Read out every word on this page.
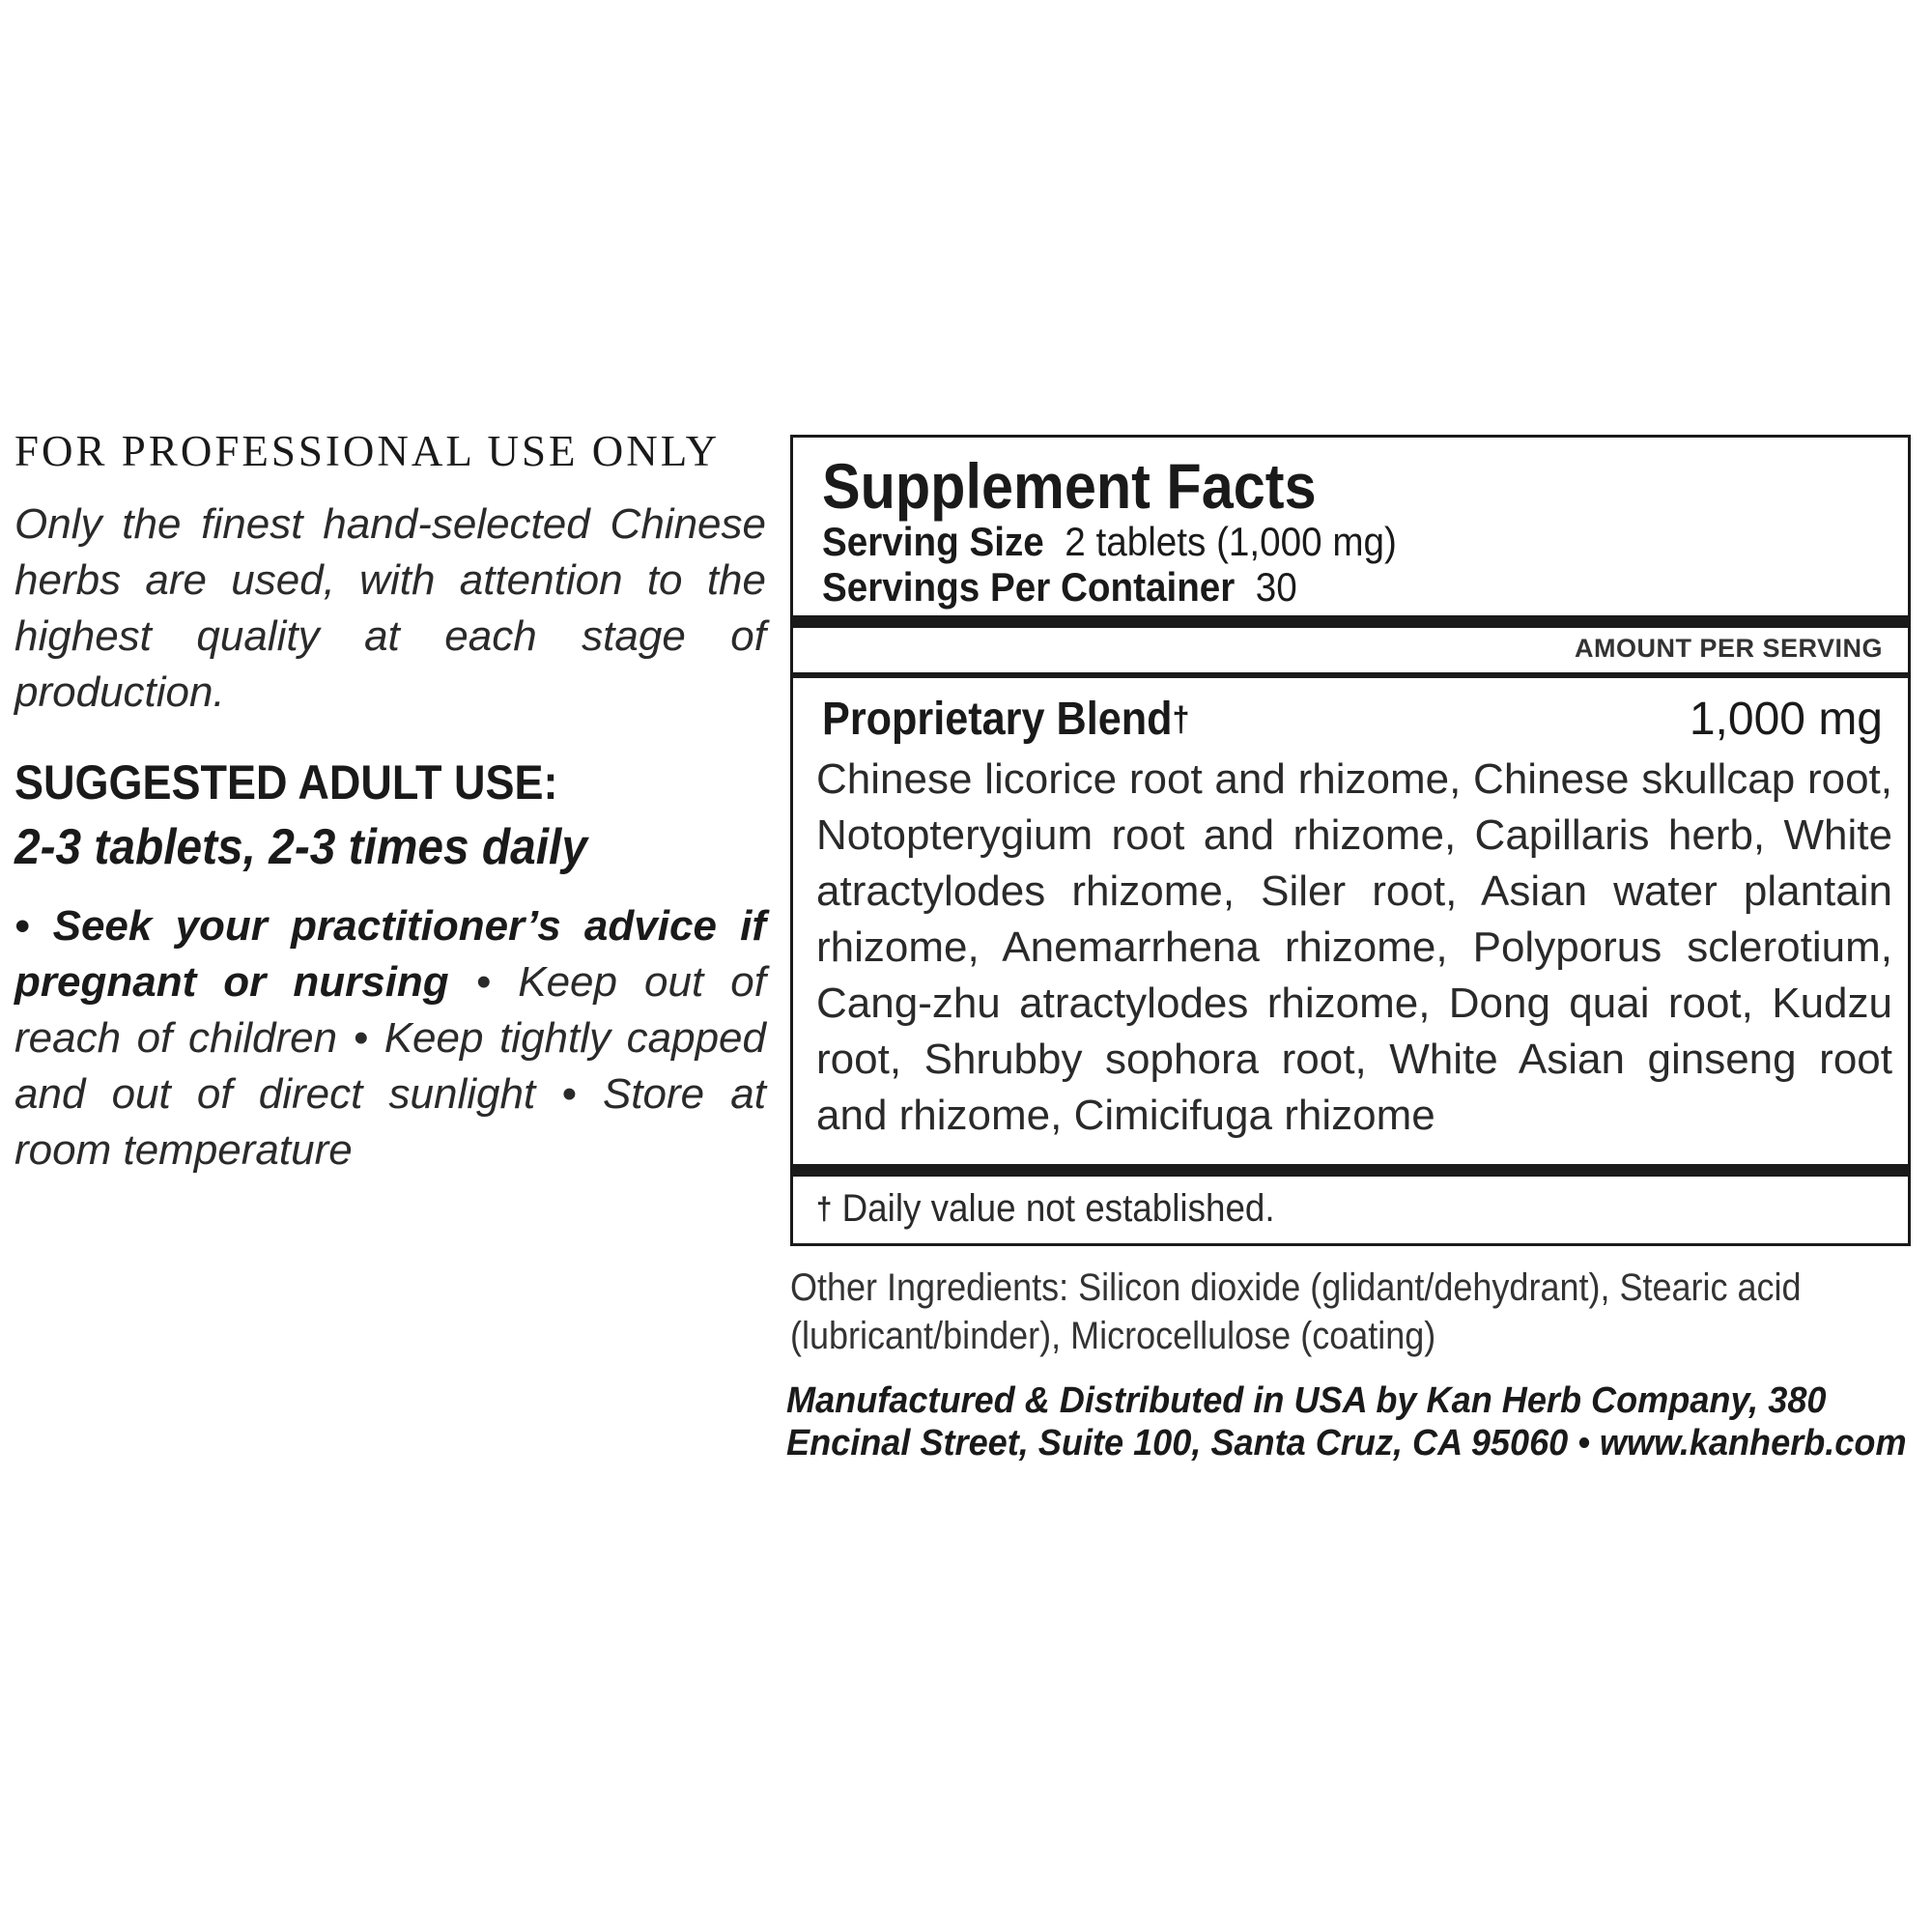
FOR PROFESSIONAL USE ONLY

Only the finest hand-selected Chinese herbs are used, with attention to the highest quality at each stage of production.

SUGGESTED ADULT USE:

2-3 tablets, 2-3 times daily

• Seek your practitioner’s advice if pregnant or nursing • Keep out of reach of children • Keep tightly capped and out of direct sunlight • Store at room temperature

Supplement Facts
Serving Size 2 tablets (1,000 mg)
Servings Per Container 30
AMOUNT PER SERVING
Proprietary Blend†	1,000 mg
Chinese licorice root and rhizome, Chinese skullcap root, Notopterygium root and rhizome, Capillaris herb, White atractylodes rhizome, Siler root, Asian water plantain rhizome, Anemarrhena rhizome, Polyporus sclerotium, Cang-zhu atractylodes rhizome, Dong quai root, Kudzu root, Shrubby sophora root, White Asian ginseng root and rhizome, Cimicifuga rhizome
† Daily value not established.
Other Ingredients: Silicon dioxide (glidant/dehydrant), Stearic acid
(lubricant/binder), Microcellulose (coating)
Manufactured & Distributed in USA by Kan Herb Company, 380
Encinal Street, Suite 100, Santa Cruz, CA 95060 • www.kanherb.com
